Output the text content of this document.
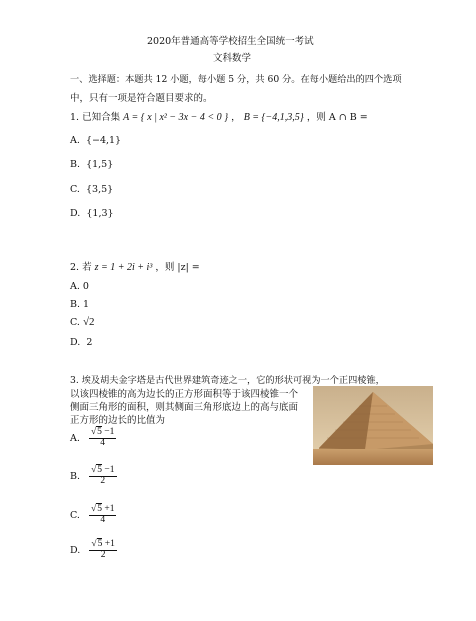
2020年普通高等学校招生全国统一考试
文科数学
一、选择题：本题共 12 小题，每小题 5 分，共 60 分。在每小题给出的四个选项
中，只有一项是符合题目要求的。
1. 已知合集 A = { x | x² − 3x − 4 < 0 } ， B = {−4,1,3,5} ，则 A ∩ B =
A. {−4,1}
B. {1,5}
C. {3,5}
D. {1,3}
2. 若 z = 1 + 2i + i³ ，则 |z| =
A. 0
B. 1
C. √2
D. 2
3. 埃及胡夫金字塔是古代世界建筑奇迹之一，它的形状可视为一个正四棱锥，
以该四棱锥的高为边长的正方形面积等于该四棱锥一个
侧面三角形的面积，则其侧面三角形底边上的高与底面
正方形的边长的比值为
A. $\frac{√5 -1}{4}$
B. $\frac{√5 -1}{2}$
C. $\frac{√5 +1}{4}$
D. $\frac{√5 +1}{2}$
